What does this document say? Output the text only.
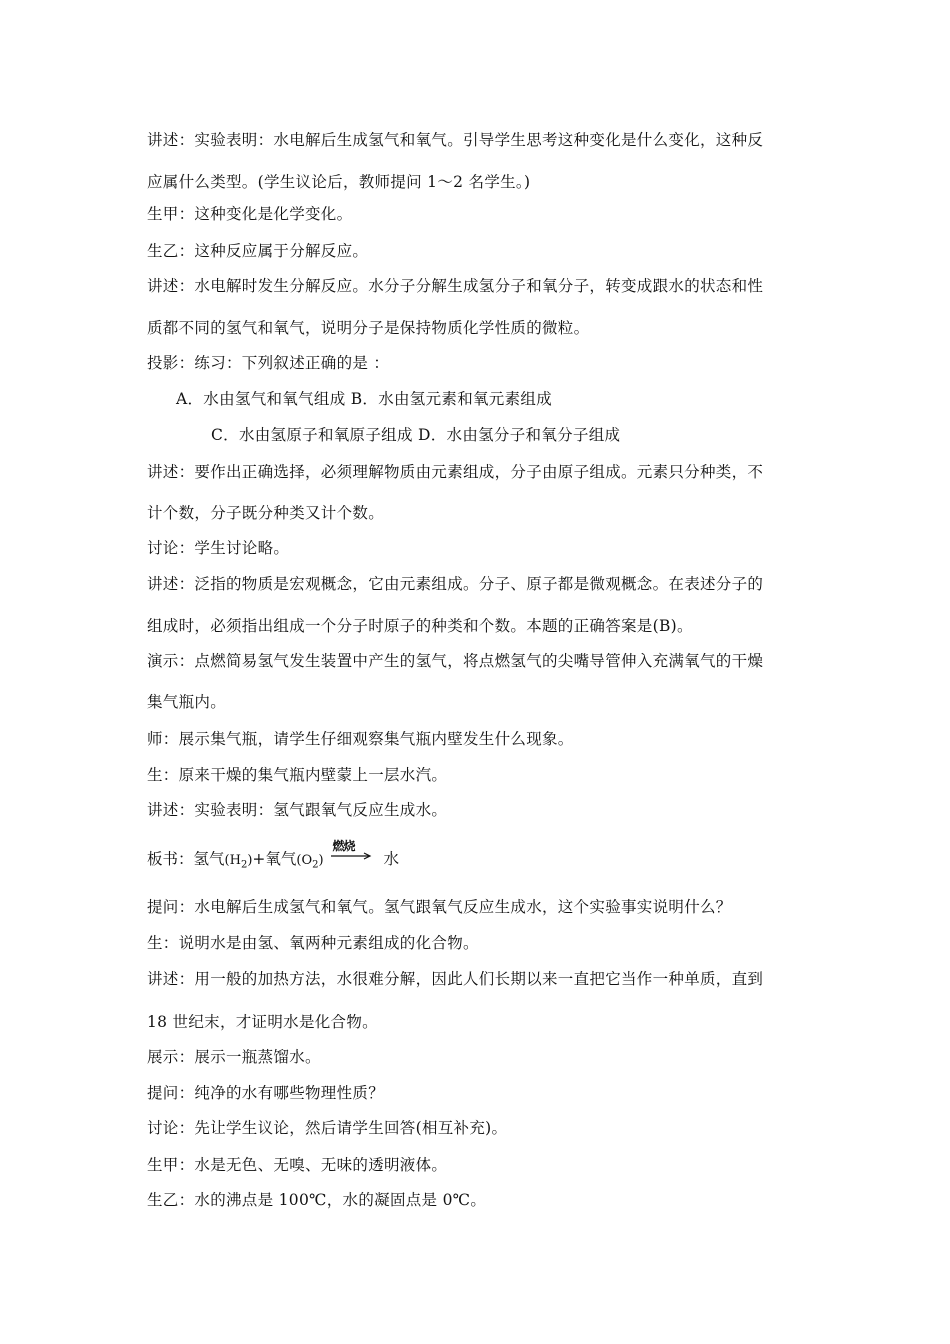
讲述：实验表明：水电解后生成氢气和氧气。引导学生思考这种变化是什么变化，这种反
应属什么类型。(学生议论后，教师提问 1～2 名学生。)
生甲：这种变化是化学变化。
生乙：这种反应属于分解反应。
讲述：水电解时发生分解反应。水分子分解生成氢分子和氧分子，转变成跟水的状态和性
质都不同的氢气和氧气，说明分子是保持物质化学性质的微粒。
投影：练习：下列叙述正确的是 ：
A．水由氢气和氧气组成 B．水由氢元素和氧元素组成
C．水由氢原子和氧原子组成 D．水由氢分子和氧分子组成
讲述：要作出正确选择，必须理解物质由元素组成，分子由原子组成。元素只分种类，不
计个数，分子既分种类又计个数。
讨论：学生讨论略。
讲述：泛指的物质是宏观概念，它由元素组成。分子、原子都是微观概念。在表述分子的
组成时，必须指出组成一个分子时原子的种类和个数。本题的正确答案是(B)。
演示：点燃简易氢气发生装置中产生的氢气，将点燃氢气的尖嘴导管伸入充满氧气的干燥
集气瓶内。
师：展示集气瓶，请学生仔细观察集气瓶内壁发生什么现象。
生：原来干燥的集气瓶内壁蒙上一层水汽。
讲述：实验表明：氢气跟氧气反应生成水。
板书：氢气$(H_2)+$氧气$(O_2)$
燃烧
水
提问：水电解后生成氢气和氧气。氢气跟氧气反应生成水，这个实验事实说明什么？
生：说明水是由氢、氧两种元素组成的化合物。
讲述：用一般的加热方法，水很难分解，因此人们长期以来一直把它当作一种单质，直到
18 世纪末，才证明水是化合物。
展示：展示一瓶蒸馏水。
提问：纯净的水有哪些物理性质？
讨论：先让学生议论，然后请学生回答(相互补充)。
生甲：水是无色、无嗅、无味的透明液体。
生乙：水的沸点是 100℃，水的凝固点是 0℃。
